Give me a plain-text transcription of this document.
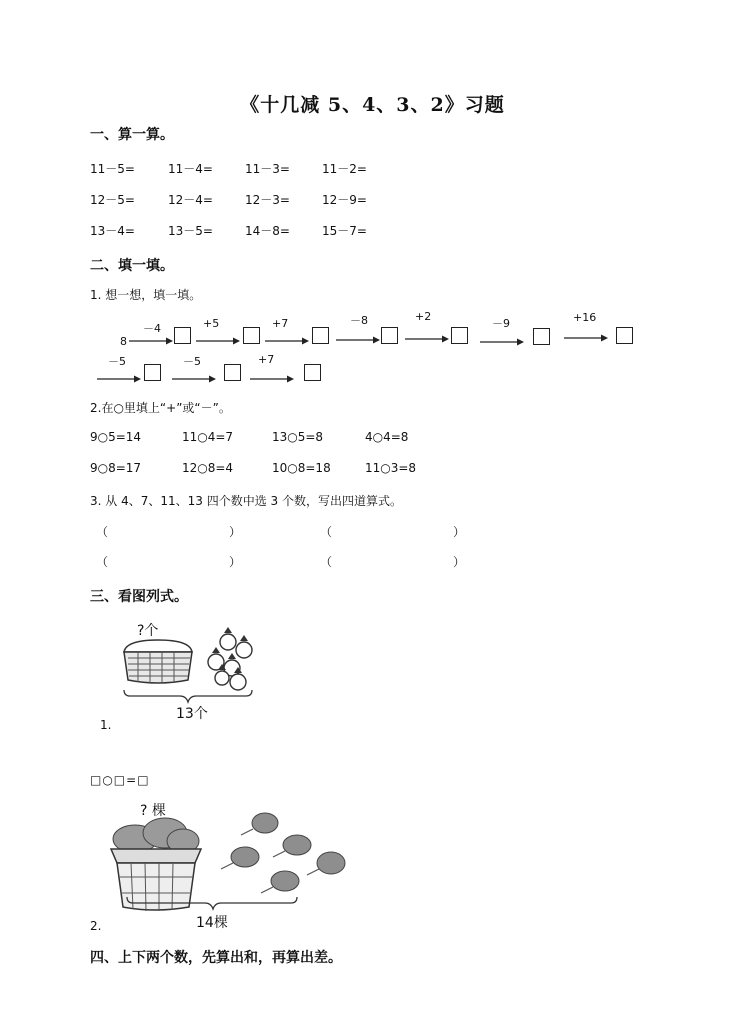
《十几减 5、4、3、2》习题
一、算一算。
11－5=	11－4=	11－3=	11－2=
12－5=	12－4=	12－3=	12－9=
13－4=	13－5=	14－8=	15－7=
二、填一填。
1. 想一想，填一填。
8
－4	+5	+7	－8	+2
－9	+16
－5	－5	+7
2.在○里填上“+”或“－”。
9○5=14	11○4=7	13○5=8	4○4=8
9○8=17	12○8=4	10○8=18	11○3=8
3. 从 4、7、11、13 四个数中选 3 个数，写出四道算式。
（	）	（	）
（	）	（	）
三、看图列式。
?个
13个
1.
□○□=□
? 棵
14棵
2.
四、上下两个数，先算出和，再算出差。
